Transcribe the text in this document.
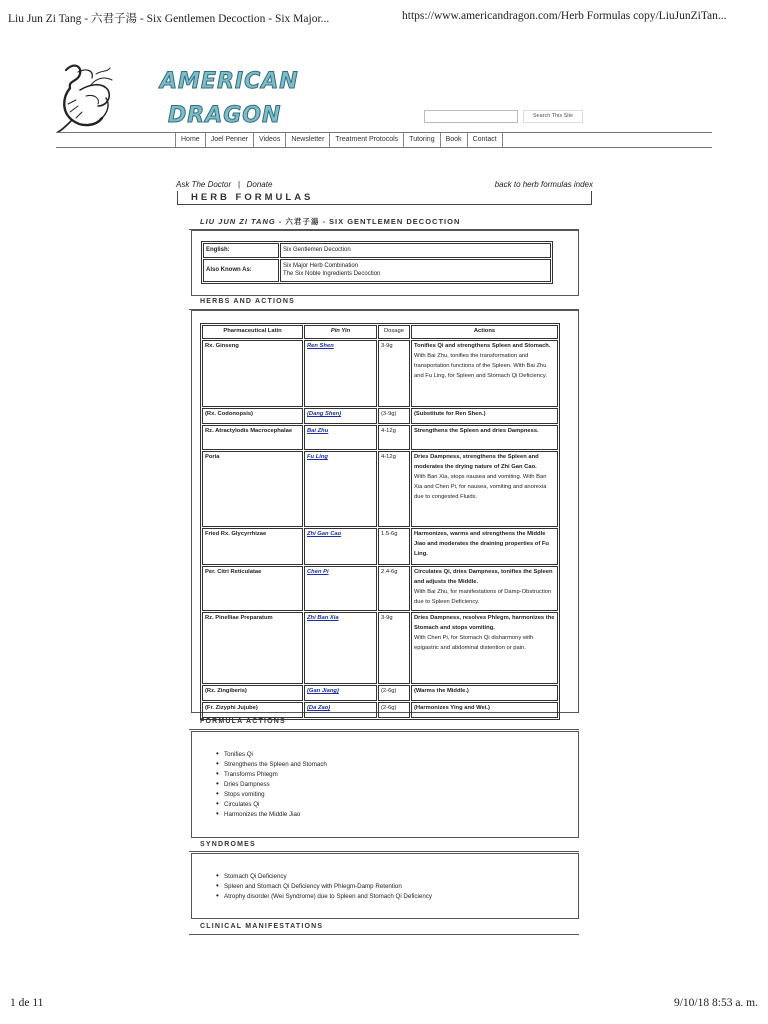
Liu Jun Zi Tang - 六君子湯 - Six Gentlemen Decoction - Six Major...	https://www.americandragon.com/Herb Formulas copy/LiuJunZiTan...
AMERICAN
DRAGON	Search This Site
Home	Joel Penner	Videos	Newsletter	Treatment Protocols	Tutoring	Book	Contact
Ask The Doctor | Donate	back to herb formulas index
HERB FORMULAS
LIU JUN ZI TANG - 六君子湯 - SIX GENTLEMEN DECOCTION
English:	Six Gentlemen Decoction
Also Known As:	Six Major Herb Combination
The Six Noble Ingredients Decoction
HERBS AND ACTIONS
Pharmaceutical Latin	Pin Yin	Dosage	Actions
Rx. Ginseng	Ren Shen	3-9g	Tonifies Qi and strengthens Spleen and Stomach.
With Bai Zhu, tonifies the transformation and transportation functions of the Spleen. With Bai Zhu and Fu Ling, for Spleen and Stomach Qi Deficiency.

(Rx. Codonopsis)	(Dang Shen)	(3-9g)	(Substitute for Ren Shen.)

Rz. Atractylodis Macrocephalae	Bai Zhu	4-12g	Strengthens the Spleen and dries Dampness.

Poria	Fu Ling	4-12g	Dries Dampness, strengthens the Spleen and moderates the drying nature of Zhi Gan Cao.
With Ban Xia, stops nausea and vomiting. With Ban Xia and Chen Pi, for nausea, vomiting and anorexia due to congested Fluids.

Fried Rx. Glycyrrhizae	Zhi Gan Cao	1.5-6g	Harmonizes, warms and strengthens the Middle Jiao and moderates the draining properties of Fu Ling.

Per. Citri Reticulatae	Chen Pi	2.4-6g	Circulates Qi, dries Dampness, tonifies the Spleen and adjusts the Middle.
With Bai Zhu, for manifestations of Damp-Obstruction due to Spleen Deficiency.

Rz. Pinelliae Preparatum	Zhi Ban Xia	3-9g	Dries Dampness, resolves Phlegm, harmonizes the Stomach and stops vomiting.
With Chen Pi, for Stomach Qi disharmony with epigastric and abdominal distention or pain.

(Rz. Zingiberis)	(Gan Jiang)	(2-6g)	(Warms the Middle.)

(Fr. Zizyphi Jujube)	(Da Zao)	(2-6g)	(Harmonizes Ying and Wei.)
FORMULA ACTIONS
• Tonifies Qi
• Strengthens the Spleen and Stomach
• Transforms Phlegm
• Dries Dampness
• Stops vomiting
• Circulates Qi
• Harmonizes the Middle Jiao
SYNDROMES
• Stomach Qi Deficiency
• Spleen and Stomach Qi Deficiency with Phlegm-Damp Retention
• Atrophy disorder (Wei Syndrome) due to Spleen and Stomach Qi Deficiency
CLINICAL MANIFESTATIONS
1 de 11	9/10/18 8:53 a. m.
